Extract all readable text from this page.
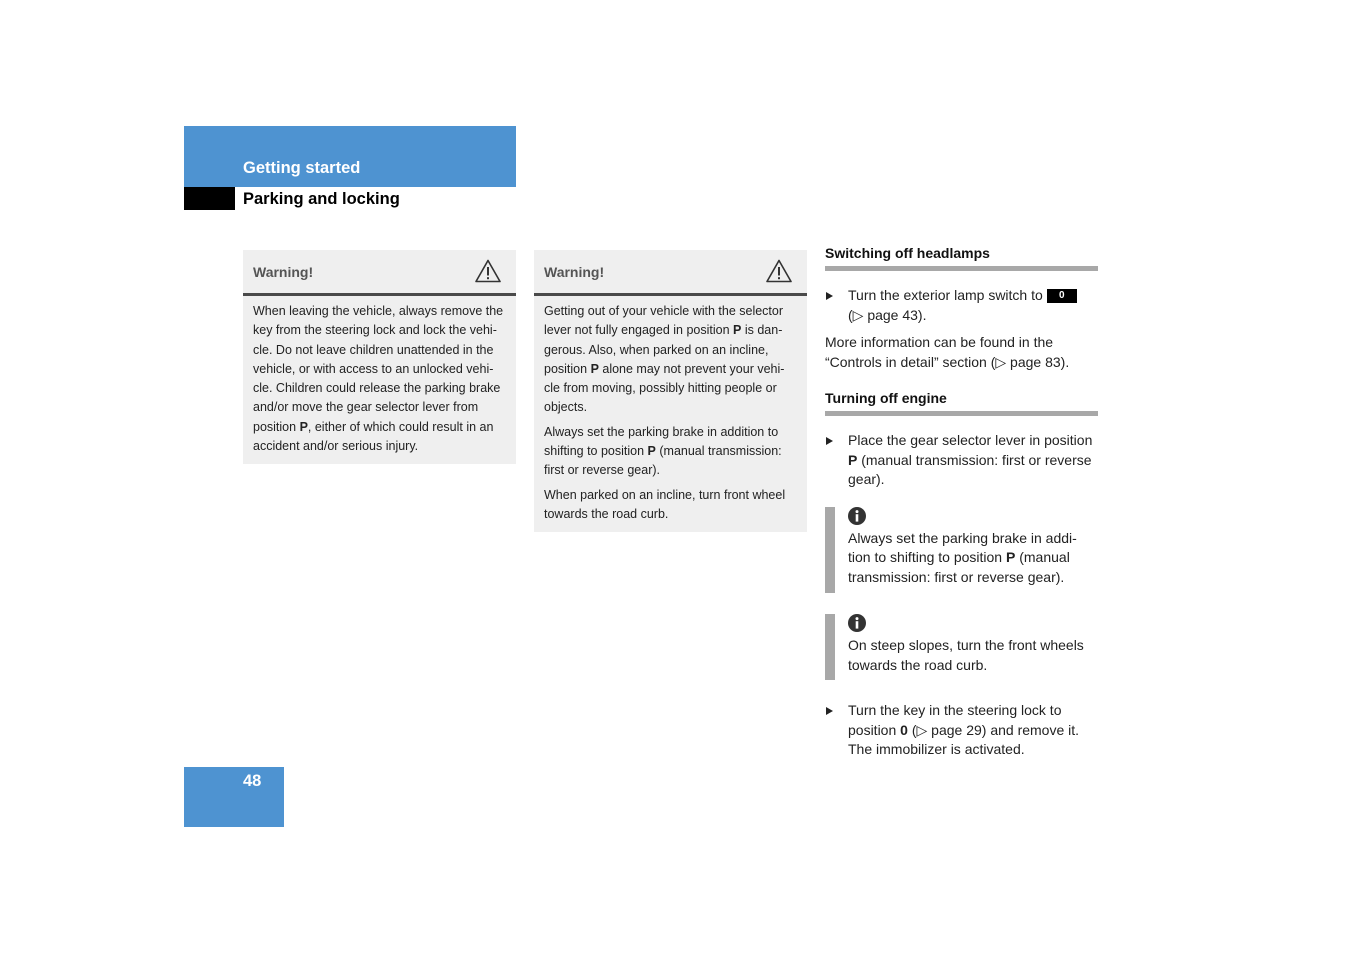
Getting started
Parking and locking
Warning!

When leaving the vehicle, always remove the key from the steering lock and lock the vehi-cle. Do not leave children unattended in the vehicle, or with access to an unlocked vehi-cle. Children could release the parking brake and/or move the gear selector lever from position P, either of which could result in an accident and/or serious injury.

Warning!

Getting out of your vehicle with the selector lever not fully engaged in position P is dan-gerous. Also, when parked on an incline, position P alone may not prevent your vehi-cle from moving, possibly hitting people or objects.

Always set the parking brake in addition to shifting to position P (manual transmission: first or reverse gear).

When parked on an incline, turn front wheel towards the road curb.

Switching off headlamps
Turn the exterior lamp switch to 0
(▷ page 43).
More information can be found in the “Controls in detail” section (▷ page 83).
Turning off engine
Place the gear selector lever in position P (manual transmission: first or reverse gear).
Always set the parking brake in addi-tion to shifting to position P (manual transmission: first or reverse gear).
On steep slopes, turn the front wheels towards the road curb.
Turn the key in the steering lock to position 0 (▷ page 29) and remove it. The immobilizer is activated.
48
